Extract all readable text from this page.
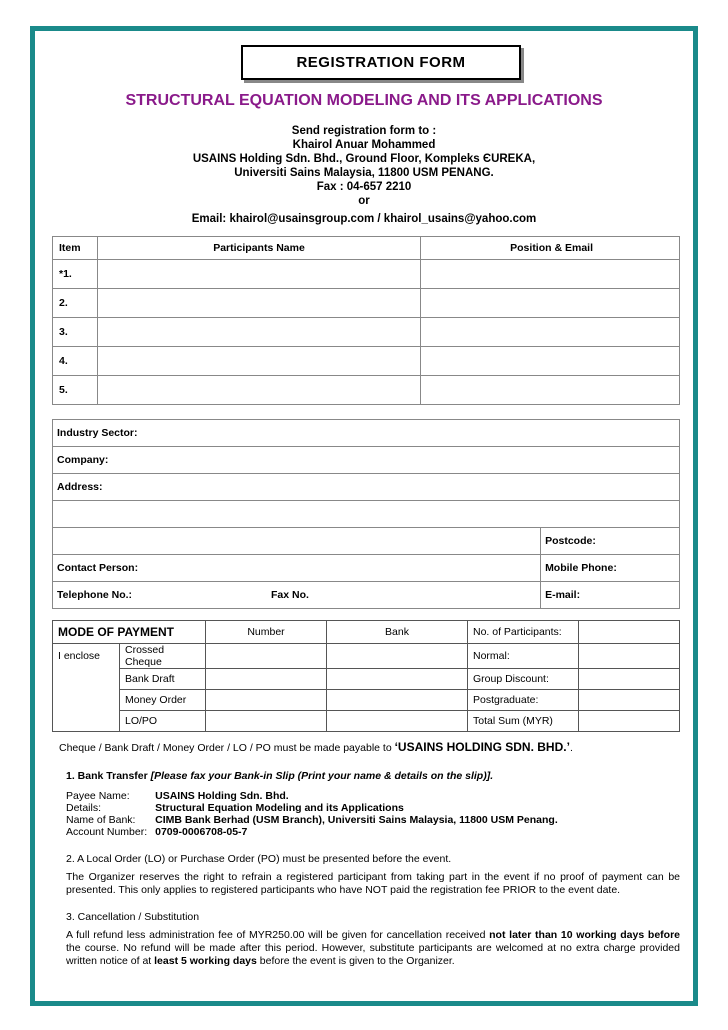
REGISTRATION FORM
STRUCTURAL EQUATION MODELING AND ITS APPLICATIONS
Send registration form to :
Khairol Anuar Mohammed
USAINS Holding Sdn. Bhd., Ground Floor, Kompleks ЄUREKA,
Universiti Sains Malaysia, 11800 USM PENANG.
Fax : 04-657 2210
or
Email: khairol@usainsgroup.com / khairol_usains@yahoo.com
Item	Participants Name	Position & Email
*1.		
2.		
3.		
4.		
5.		
Industry Sector:		
Company:		
Address:		

		Postcode:
Contact Person:		Mobile Phone:
Telephone No.:	Fax No.	E-mail:
MODE OF PAYMENT		Number	Bank	No. of Participants:	
I enclose	Crossed Cheque			Normal:	
	Bank Draft			Group Discount:	
	Money Order			Postgraduate:	
	LO/PO			Total Sum (MYR)	
Cheque / Bank Draft / Money Order / LO / PO must be made payable to ‘USAINS HOLDING SDN. BHD.’.
1. Bank Transfer [Please fax your Bank-in Slip (Print your name & details on the slip)].
Payee Name:	USAINS Holding Sdn. Bhd.
Details:	Structural Equation Modeling and its Applications
Name of Bank:	CIMB Bank Berhad (USM Branch), Universiti Sains Malaysia, 11800 USM Penang.
Account Number:	0709-0006708-05-7
2. A Local Order (LO) or Purchase Order (PO) must be presented before the event.
The Organizer reserves the right to refrain a registered participant from taking part in the event if no proof of payment can be presented. This only applies to registered participants who have NOT paid the registration fee PRIOR to the event date.
3. Cancellation / Substitution
A full refund less administration fee of MYR250.00 will be given for cancellation received not later than 10 working days before the course. No refund will be made after this period. However, substitute participants are welcomed at no extra charge provided written notice of at least 5 working days before the event is given to the Organizer.
